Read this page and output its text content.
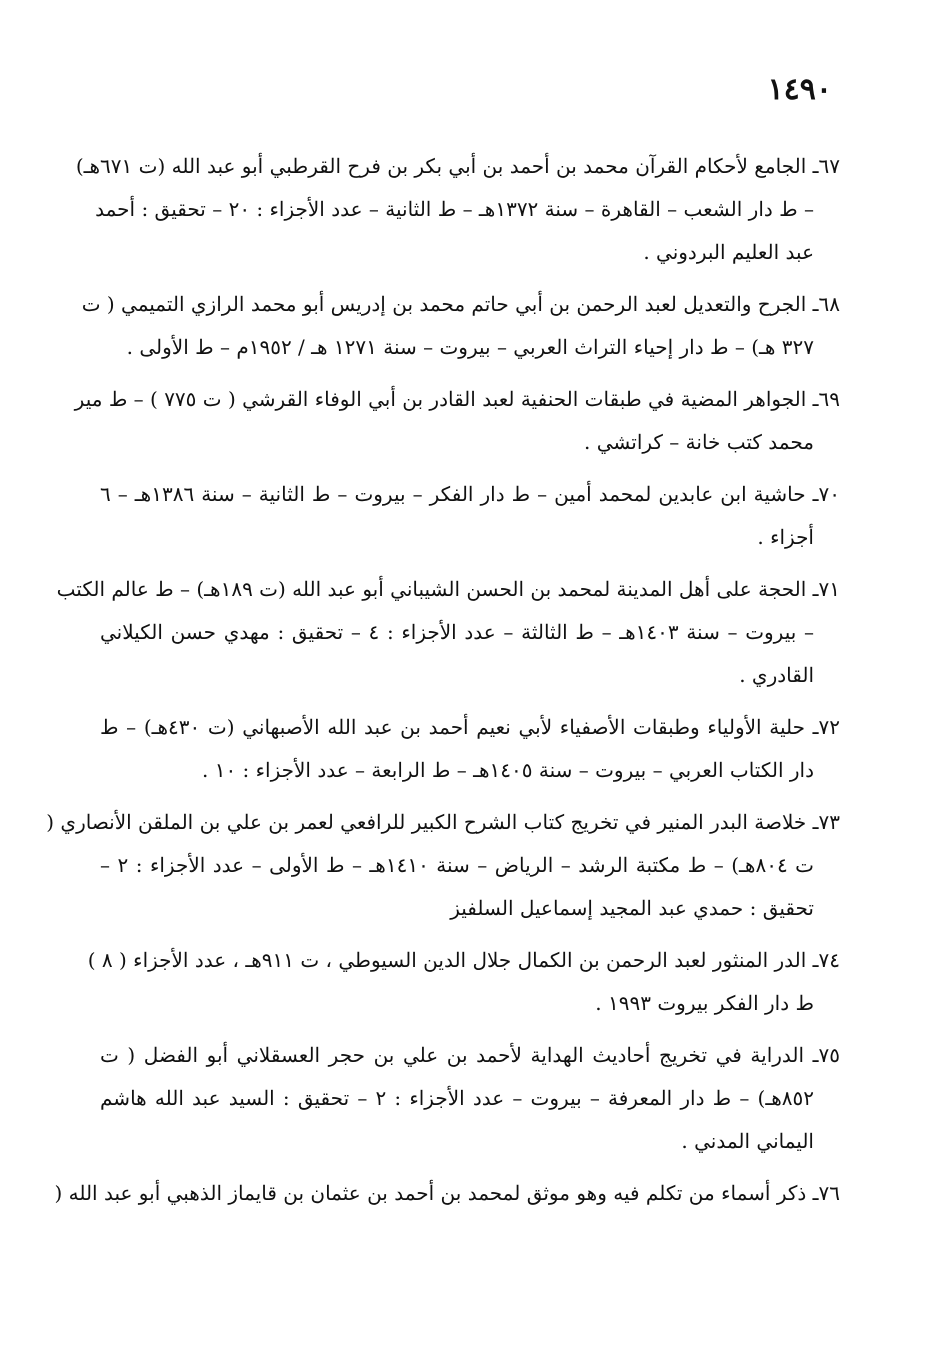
١٤٩٠
٦٧ـ الجامع لأحكام القرآن محمد بن أحمد بن أبي بكر بن فرح القرطبي أبو عبد الله (ت ٦٧١هـ)
– ط دار الشعب – القاهرة – سنة ١٣٧٢هـ – ط الثانية – عدد الأجزاء : ٢٠ – تحقيق : أحمد
عبد العليم البردوني .
٦٨ـ الجرح والتعديل لعبد الرحمن بن أبي حاتم محمد بن إدريس أبو محمد الرازي التميمي ( ت
٣٢٧ هـ) – ط دار إحياء التراث العربي – بيروت – سنة ١٢٧١ هـ / ١٩٥٢م – ط الأولى .
٦٩ـ الجواهر المضية في طبقات الحنفية لعبد القادر بن أبي الوفاء القرشي ( ت ٧٧٥ ) – ط مير
محمد كتب خانة – كراتشي .
٧٠ـ حاشية ابن عابدين لمحمد أمين – ط دار الفكر – بيروت – ط الثانية – سنة ١٣٨٦هـ – ٦
أجزاء .
٧١ـ الحجة على أهل المدينة لمحمد بن الحسن الشيباني أبو عبد الله (ت ١٨٩هـ) – ط عالم الكتب
– بيروت – سنة ١٤٠٣هـ – ط الثالثة – عدد الأجزاء : ٤ – تحقيق : مهدي حسن الكيلاني
القادري .
٧٢ـ حلية الأولياء وطبقات الأصفياء لأبي نعيم أحمد بن عبد الله الأصبهاني (ت ٤٣٠هـ) – ط
دار الكتاب العربي – بيروت – سنة ١٤٠٥هـ – ط الرابعة – عدد الأجزاء : ١٠ .
٧٣ـ خلاصة البدر المنير في تخريج كتاب الشرح الكبير للرافعي لعمر بن علي بن الملقن الأنصاري (
ت ٨٠٤هـ) – ط مكتبة الرشد – الرياض – سنة ١٤١٠هـ – ط الأولى – عدد الأجزاء : ٢ –
تحقيق : حمدي عبد المجيد إسماعيل السلفيز
٧٤ـ الدر المنثور لعبد الرحمن بن الكمال جلال الدين السيوطي ، ت ٩١١هـ ، عدد الأجزاء ( ٨ )
ط دار الفكر بيروت ١٩٩٣ .
٧٥ـ الدراية في تخريج أحاديث الهداية لأحمد بن علي بن حجر العسقلاني أبو الفضل ( ت
٨٥٢هـ) – ط دار المعرفة – بيروت – عدد الأجزاء : ٢ – تحقيق : السيد عبد الله هاشم
اليماني المدني .
٧٦ـ ذكر أسماء من تكلم فيه وهو موثق لمحمد بن أحمد بن عثمان بن قايماز الذهبي أبو عبد الله (
